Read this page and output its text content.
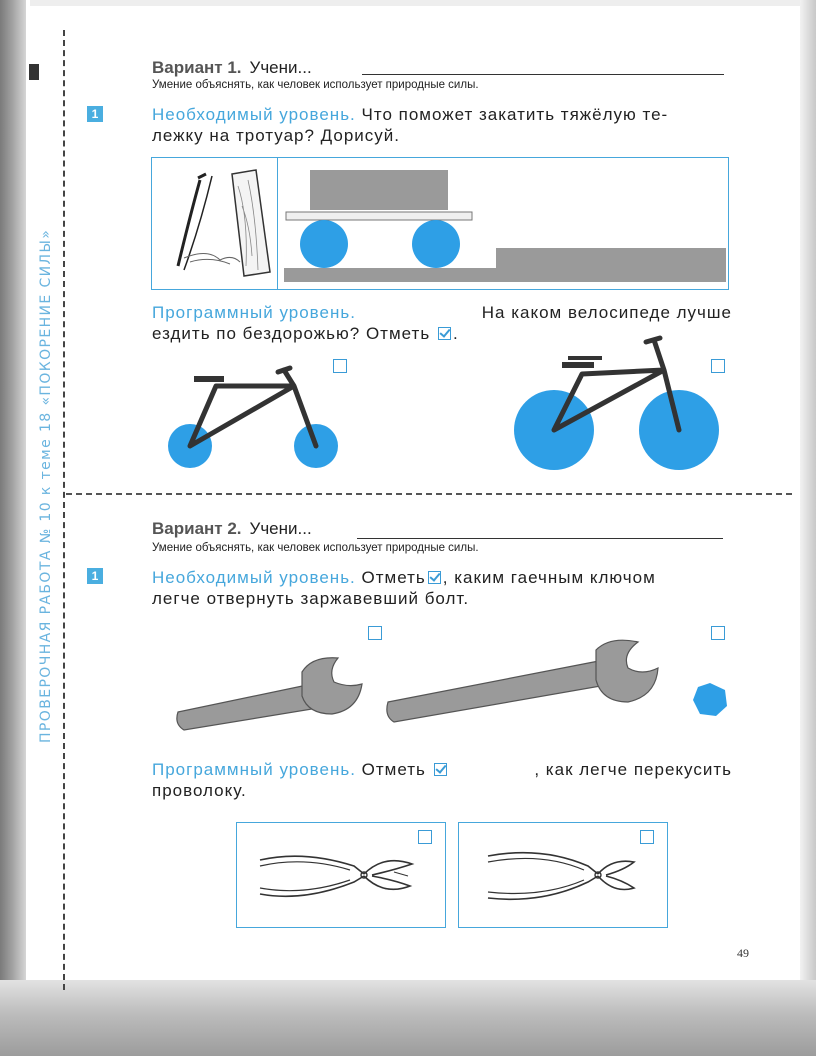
ПРОВЕРОЧНАЯ РАБОТА № 10 к теме 18 «ПОКОРЕНИЕ СИЛЫ»
Вариант 1. Учени...
Умение объяснять, как человек использует природные силы.
1	Необходимый уровень. Что поможет закатить тяжёлую те-
лежку на тротуар? Дорисуй.
Программный уровень.	На каком велосипеде лучше
ездить по бездорожью? Отметь .
Вариант 2. Учени...
Умение объяснять, как человек использует природные силы.
1	Необходимый уровень. Отметь , каким гаечным ключом
легче отвернуть заржавевший болт.
Программный уровень. Отметь	, как легче перекусить
проволоку.
49
